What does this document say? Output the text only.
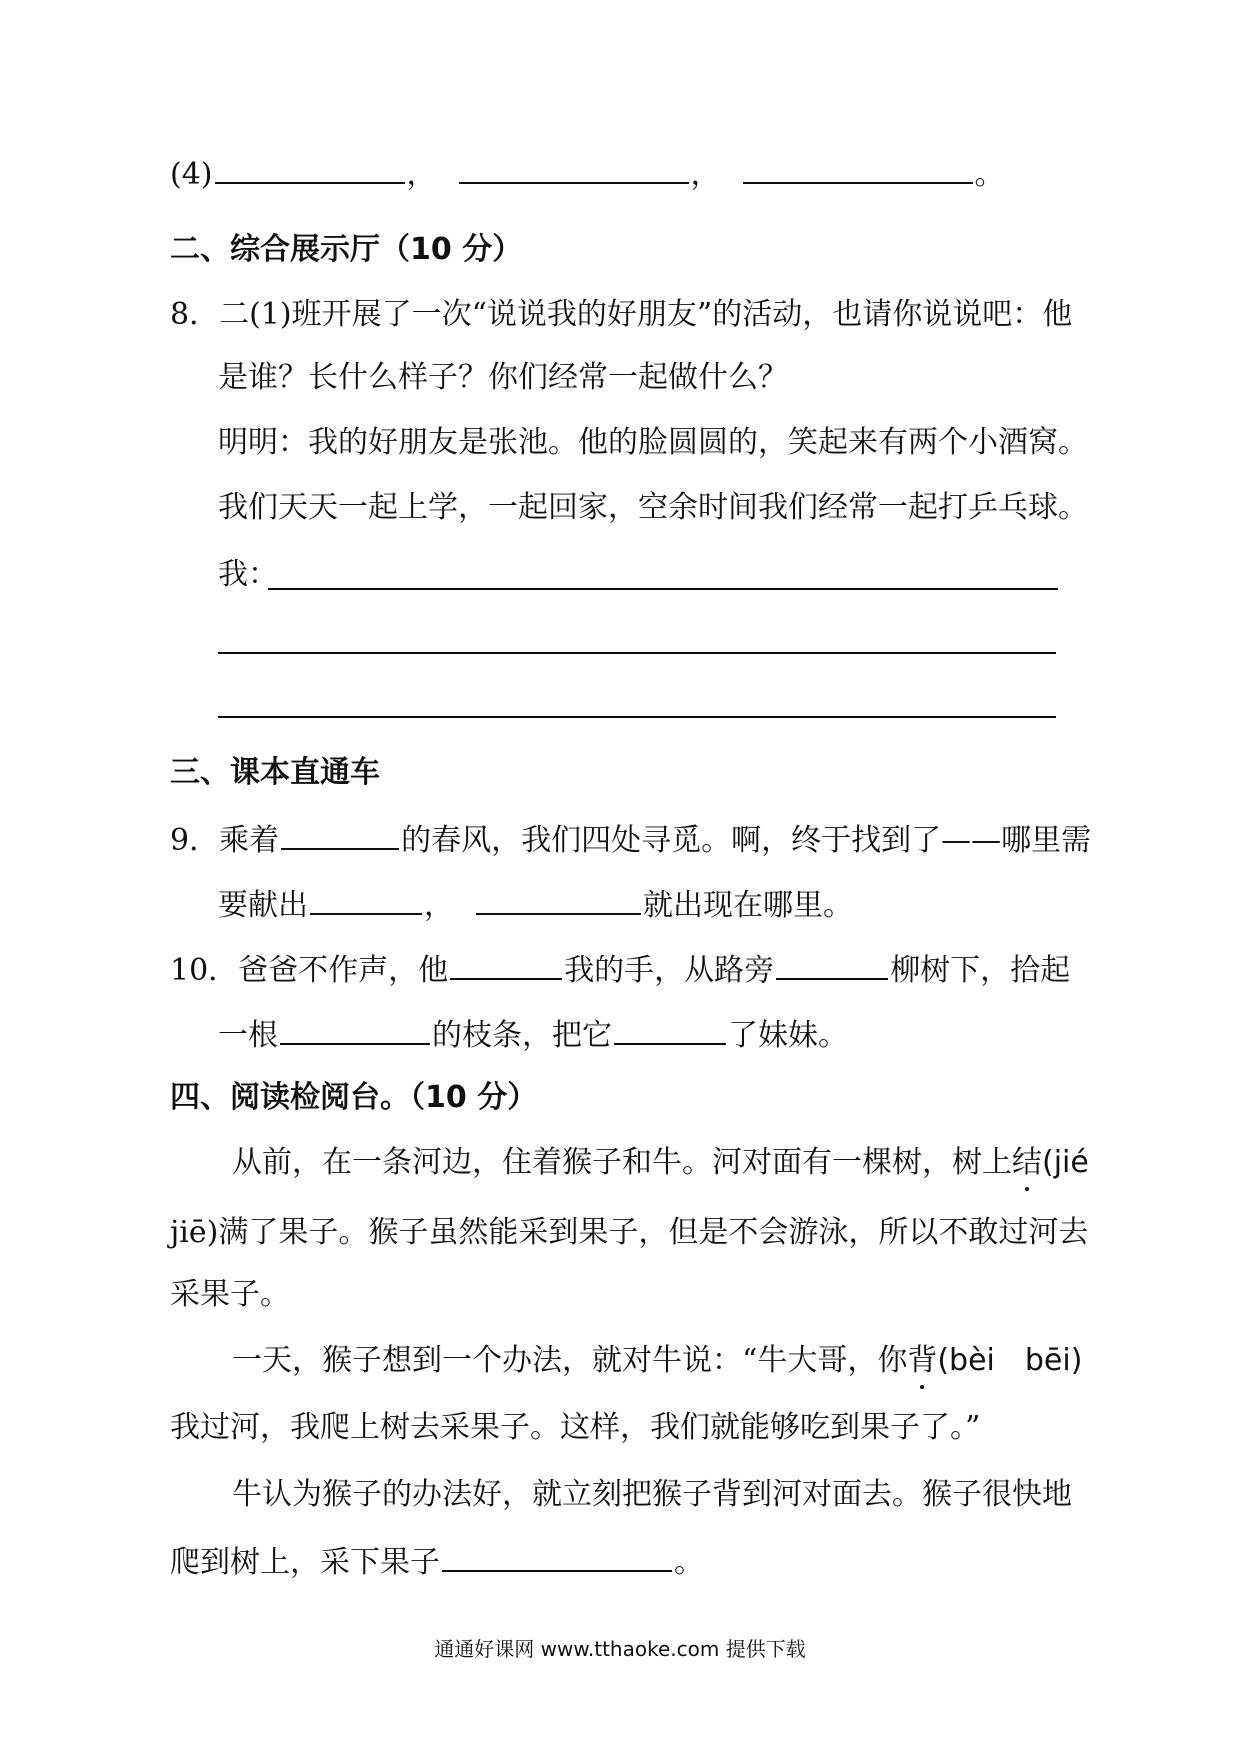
(4)	，	，	。
二、综合展示厅（10 分）
8．二(1)班开展了一次“说说我的好朋友”的活动，也请你说说吧：他
是谁？长什么样子？你们经常一起做什么？
明明：我的好朋友是张池。他的脸圆圆的，笑起来有两个小酒窝。
我们天天一起上学，一起回家，空余时间我们经常一起打乒乓球。
我：
三、课本直通车
9．乘着	的春风，我们四处寻觅。啊，终于找到了——哪里需
要献出	，	就出现在哪里。
10．爸爸不作声，他	我的手，从路旁	柳树下，拾起
一根	的枝条，把它	了妹妹。
四、阅读检阅台。（10 分）
从前，在一条河边，住着猴子和牛。河对面有一棵树，树上结(jié
jiē)满了果子。猴子虽然能采到果子，但是不会游泳，所以不敢过河去
采果子。
一天，猴子想到一个办法，就对牛说：“牛大哥，你背(bèi　bēi)
我过河，我爬上树去采果子。这样，我们就能够吃到果子了。”
牛认为猴子的办法好，就立刻把猴子背到河对面去。猴子很快地
爬到树上，采下果子	。
通通好课网 www.tthaoke.com 提供下载
